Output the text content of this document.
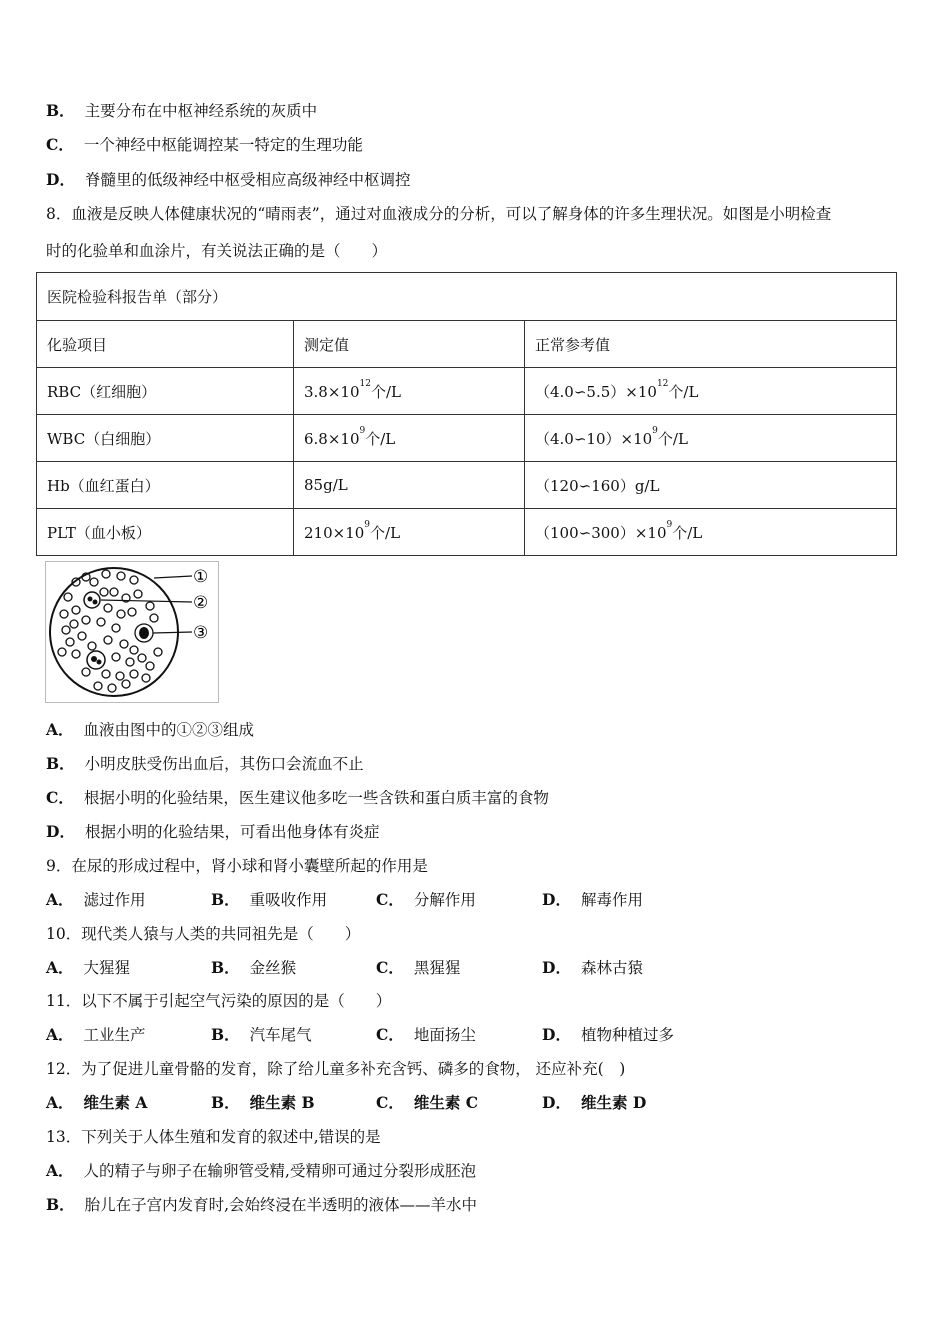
B． 主要分布在中枢神经系统的灰质中
C． 一个神经中枢能调控某一特定的生理功能
D． 脊髓里的低级神经中枢受相应高级神经中枢调控
8．血液是反映人体健康状况的“晴雨表”，通过对血液成分的分析，可以了解身体的许多生理状况。如图是小明检查
时的化验单和血涂片，有关说法正确的是（　　）
医院检验科报告单（部分）		
化验项目	测定值	正常参考值
RBC（红细胞）	$3.8\times 10^{12}$个/L	$(4.0∽5.5)\times 10^{12}$个/L
WBC（白细胞）	$6.8\times 10^9$个/L	$(4.0∽10)\times 10^9$个/L
Hb（血红蛋白）	85g/L	（120∽160）g/L
PLT（血小板）	$210\times 10^9$个/L	$(100∽300)\times 10^9$个/L
①
②
③
A． 血液由图中的①②③组成
B． 小明皮肤受伤出血后，其伤口会流血不止
C． 根据小明的化验结果，医生建议他多吃一些含铁和蛋白质丰富的食物
D． 根据小明的化验结果，可看出他身体有炎症
9．在尿的形成过程中，肾小球和肾小囊壁所起的作用是
A． 滤过作用	B． 重吸收作用	C． 分解作用	D． 解毒作用
10．现代类人猿与人类的共同祖先是（　　）
A． 大猩猩	B． 金丝猴	C． 黑猩猩	D． 森林古猿
11．以下不属于引起空气污染的原因的是（　　）
A． 工业生产	B． 汽车尾气	C． 地面扬尘	D． 植物种植过多
12．为了促进儿童骨骼的发育，除了给儿童多补充含钙、磷多的食物， 还应补充(　)
A． 维生素 A	B． 维生素 B	C． 维生素 C	D． 维生素 D
13．下列关于人体生殖和发育的叙述中,错误的是
A． 人的精子与卵子在输卵管受精,受精卵可通过分裂形成胚泡
B． 胎儿在子宫内发育时,会始终浸在半透明的液体——羊水中
